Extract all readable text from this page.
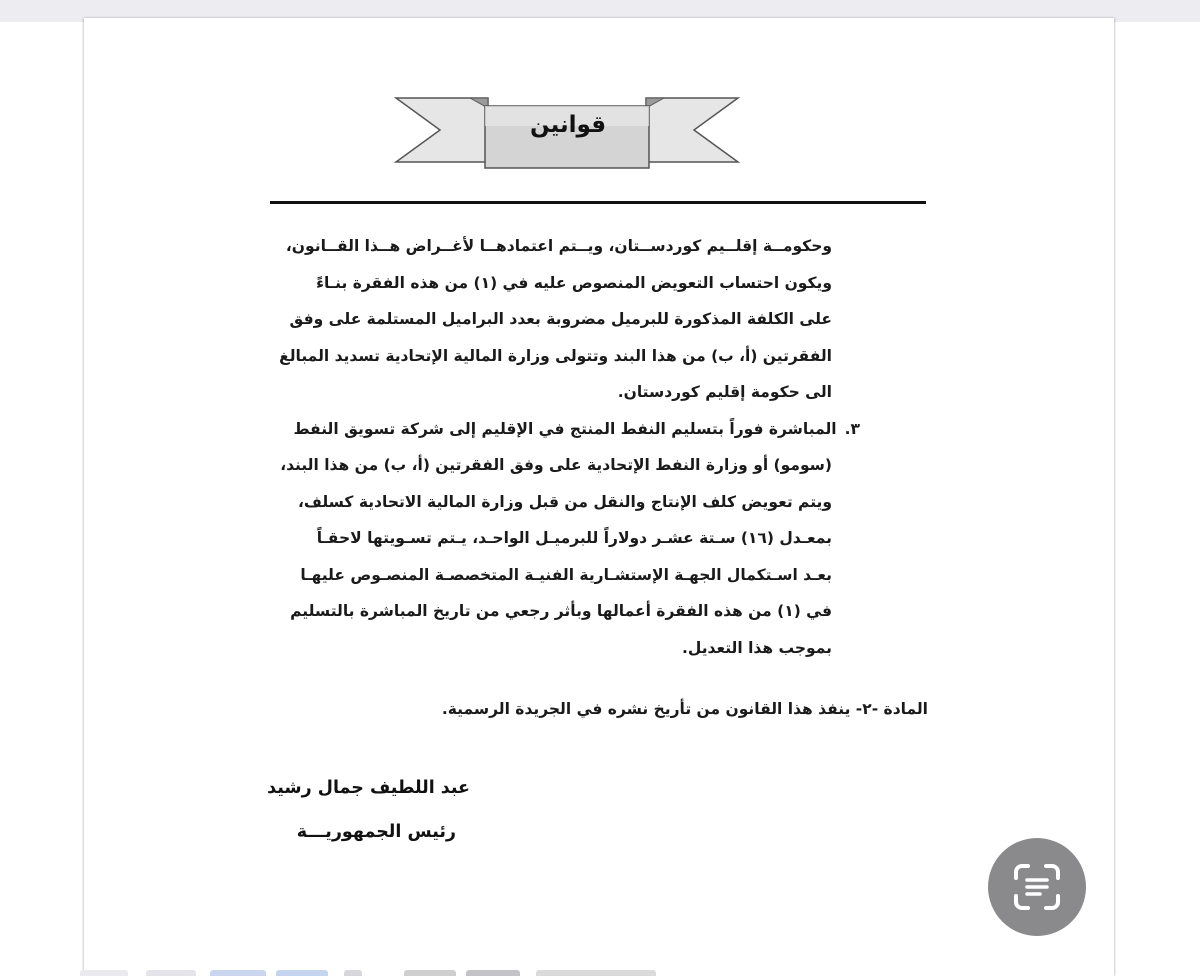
قوانين
وحكومــة إقلــيم كوردســتان، ويــتم اعتمادهــا لأغــراض هــذا القــانون،
ويكون احتساب التعويض المنصوص عليه في (١) من هذه الفقرة بنـاءً
على الكلفة المذكورة للبرميل مضروبة بعدد البراميل المستلمة على وفق
الفقرتين (أ، ب) من هذا البند وتتولى وزارة المالية الإتحادية تسديد المبالغ
الى حكومة إقليم كوردستان.
٣. المباشرة فوراً بتسليم النفط المنتج في الإقليم إلى شركة تسويق النفط
(سومو) أو وزارة النفط الإتحادية على وفق الفقرتين (أ، ب) من هذا البند،
ويتم تعويض كلف الإنتاج والنقل من قبل وزارة المالية الاتحادية كسلف،
بمعـدل (١٦) سـتة عشـر دولاراً للبرميـل الواحـد، يـتم تسـويتها لاحقـاً
بعـد اسـتكمال الجهـة الإستشـارية الفنيـة المتخصصـة المنصـوص عليهـا
في (١) من هذه الفقرة أعمالها وبأثر رجعي من تاريخ المباشرة بالتسليم
بموجب هذا التعديل.
المادة -٢- ينفذ هذا القانون من تأريخ نشره في الجريدة الرسمية.
عبد اللطيف جمال رشيد
رئيس الجمهوريـــة
